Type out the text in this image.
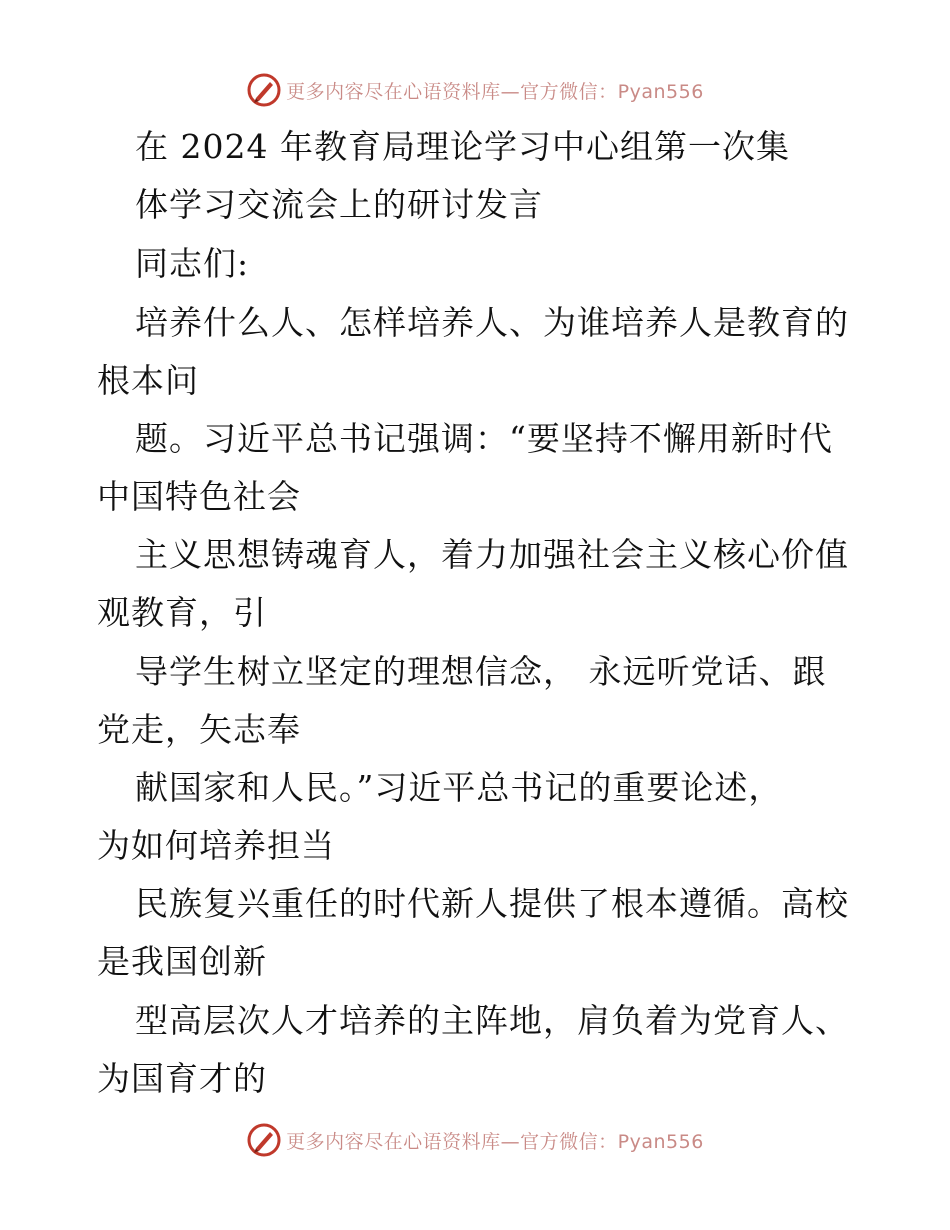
更多内容尽在心语资料库—官方微信：Pyan556
在 2024 年教育局理论学习中心组第一次集
体学习交流会上的研讨发言
同志们:
培养什么人、怎样培养人、为谁培养人是教育的
根本问
题。习近平总书记强调：“要坚持不懈用新时代
中国特色社会
主义思想铸魂育人，着力加强社会主义核心价值
观教育，引
导学生树立坚定的理想信念， 永远听党话、跟
党走，矢志奉
献国家和人民。”习近平总书记的重要论述，
为如何培养担当
民族复兴重任的时代新人提供了根本遵循。高校
是我国创新
型高层次人才培养的主阵地，肩负着为党育人、
为国育才的
更多内容尽在心语资料库—官方微信：Pyan556
